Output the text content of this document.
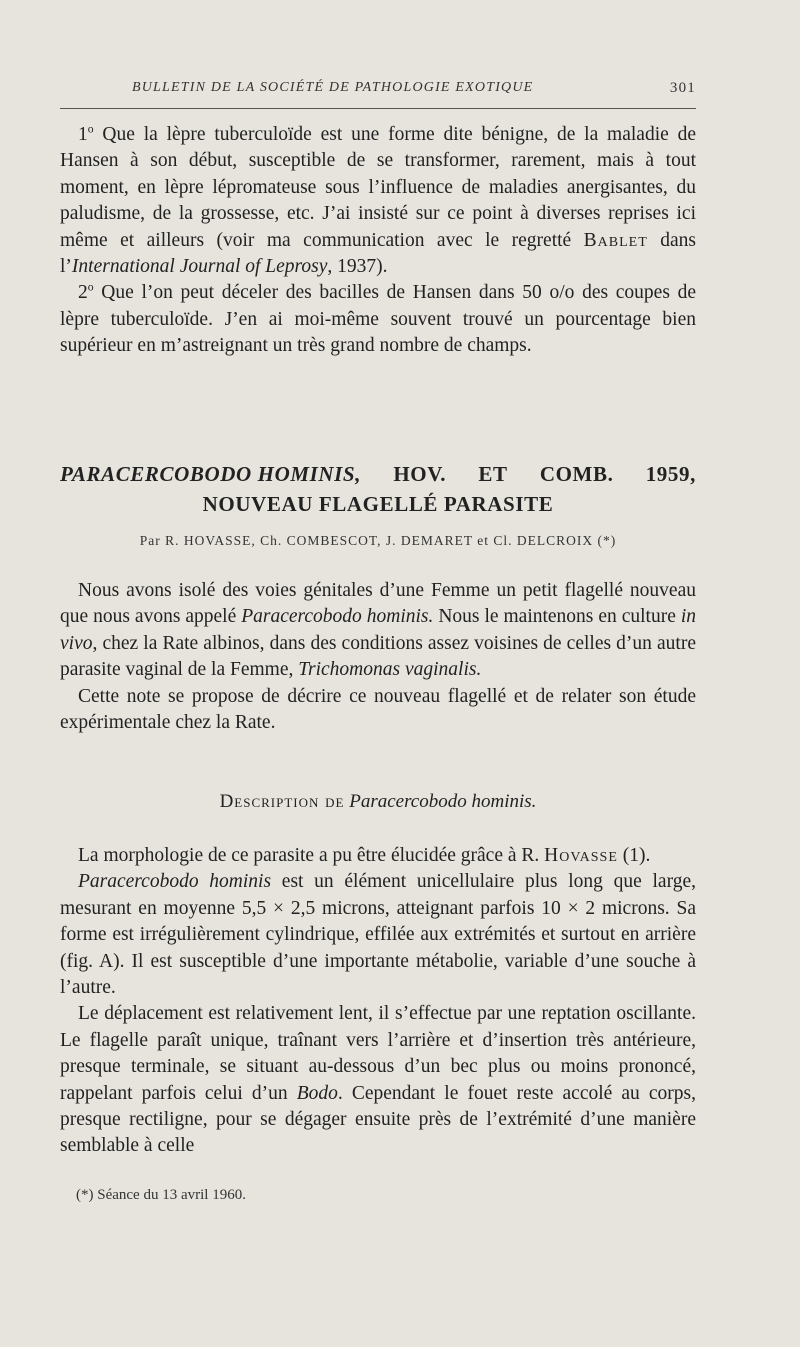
BULLETIN DE LA SOCIÉTÉ DE PATHOLOGIE EXOTIQUE	301

1$^o$ Que la lèpre tuberculoïde est une forme dite bénigne, de la maladie de Hansen à son début, susceptible de se transformer, rarement, mais à tout moment, en lèpre lépromateuse sous l’influence de maladies anergisantes, du paludisme, de la grossesse, etc. J’ai insisté sur ce point à diverses reprises ici même et ailleurs (voir ma communication avec le regretté Bablet dans l’International Journal of Leprosy, 1937).

2$^o$ Que l’on peut déceler des bacilles de Hansen dans 50 o/o des coupes de lèpre tuberculoïde. J’en ai moi-même souvent trouvé un pourcentage bien supérieur en m’astreignant un très grand nombre de champs.

PARACERCOBODO HOMINIS, HOV. ET COMB. 1959,
NOUVEAU FLAGELLÉ PARASITE
Par R. HOVASSE, Ch. COMBESCOT, J. DEMARET et Cl. DELCROIX (*)

Nous avons isolé des voies génitales d’une Femme un petit flagellé nouveau que nous avons appelé Paracercobodo hominis. Nous le maintenons en culture in vivo, chez la Rate albinos, dans des conditions assez voisines de celles d’un autre parasite vaginal de la Femme, Trichomonas vaginalis.

Cette note se propose de décrire ce nouveau flagellé et de relater son étude expérimentale chez la Rate.

Description de Paracercobodo hominis.

La morphologie de ce parasite a pu être élucidée grâce à R. Hovasse (1).

Paracercobodo hominis est un élément unicellulaire plus long que large, mesurant en moyenne 5,5 × 2,5 microns, atteignant parfois 10 × 2 microns. Sa forme est irrégulièrement cylindrique, effilée aux extrémités et surtout en arrière (fig. A). Il est susceptible d’une importante métabolie, variable d’une souche à l’autre.

Le déplacement est relativement lent, il s’effectue par une reptation oscillante. Le flagelle paraît unique, traînant vers l’arrière et d’insertion très antérieure, presque terminale, se situant au-dessous d’un bec plus ou moins prononcé, rappelant parfois celui d’un Bodo. Cependant le fouet reste accolé au corps, presque rectiligne, pour se dégager ensuite près de l’extrémité d’une manière semblable à celle

(*) Séance du 13 avril 1960.
